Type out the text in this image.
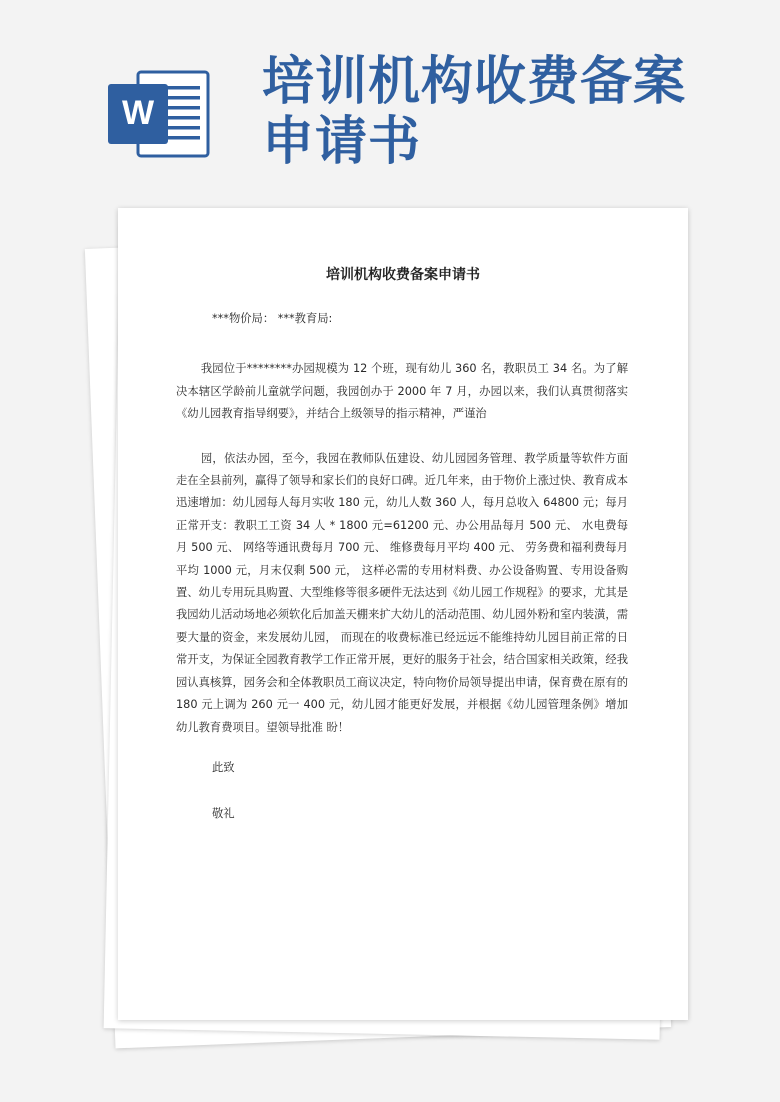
W
培训机构收费备案
申请书
培训机构收费备案申请书

***物价局： ***教育局:

我园位于********办园规模为 12 个班，现有幼儿 360 名，教职员工 34 名。为了解决本辖区学龄前儿童就学问题，我园创办于 2000 年 7 月，办园以来，我们认真贯彻落实《幼儿园教育指导纲要》，并结合上级领导的指示精神，严谨治

园，依法办园，至今，我园在教师队伍建设、幼儿园园务管理、教学质量等软件方面走在全县前列，赢得了领导和家长们的良好口碑。近几年来，由于物价上涨过快、教育成本迅速增加：幼儿园每人每月实收 180 元，幼儿人数 360 人，每月总收入 64800 元；每月正常开支：教职工工资 34 人 * 1800 元=61200 元、办公用品每月 500 元、 水电费每月 500 元、 网络等通讯费每月 700 元、 维修费每月平均 400 元、 劳务费和福利费每月平均 1000 元，月末仅剩 500 元， 这样必需的专用材料费、办公设备购置、专用设备购置、幼儿专用玩具购置、大型维修等很多硬件无法达到《幼儿园工作规程》的要求，尤其是我园幼儿活动场地必须软化后加盖天棚来扩大幼儿的活动范围、幼儿园外粉和室内装潢，需要大量的资金，来发展幼儿园， 而现在的收费标准已经远远不能维持幼儿园目前正常的日常开支，为保证全园教育教学工作正常开展，更好的服务于社会，结合国家相关政策，经我园认真核算，园务会和全体教职员工商议决定，特向物价局领导提出申请，保育费在原有的 180 元上调为 260 元一 400 元，幼儿园才能更好发展，并根据《幼儿园管理条例》增加幼儿教育费项目。望领导批准 盼！

此致

敬礼
